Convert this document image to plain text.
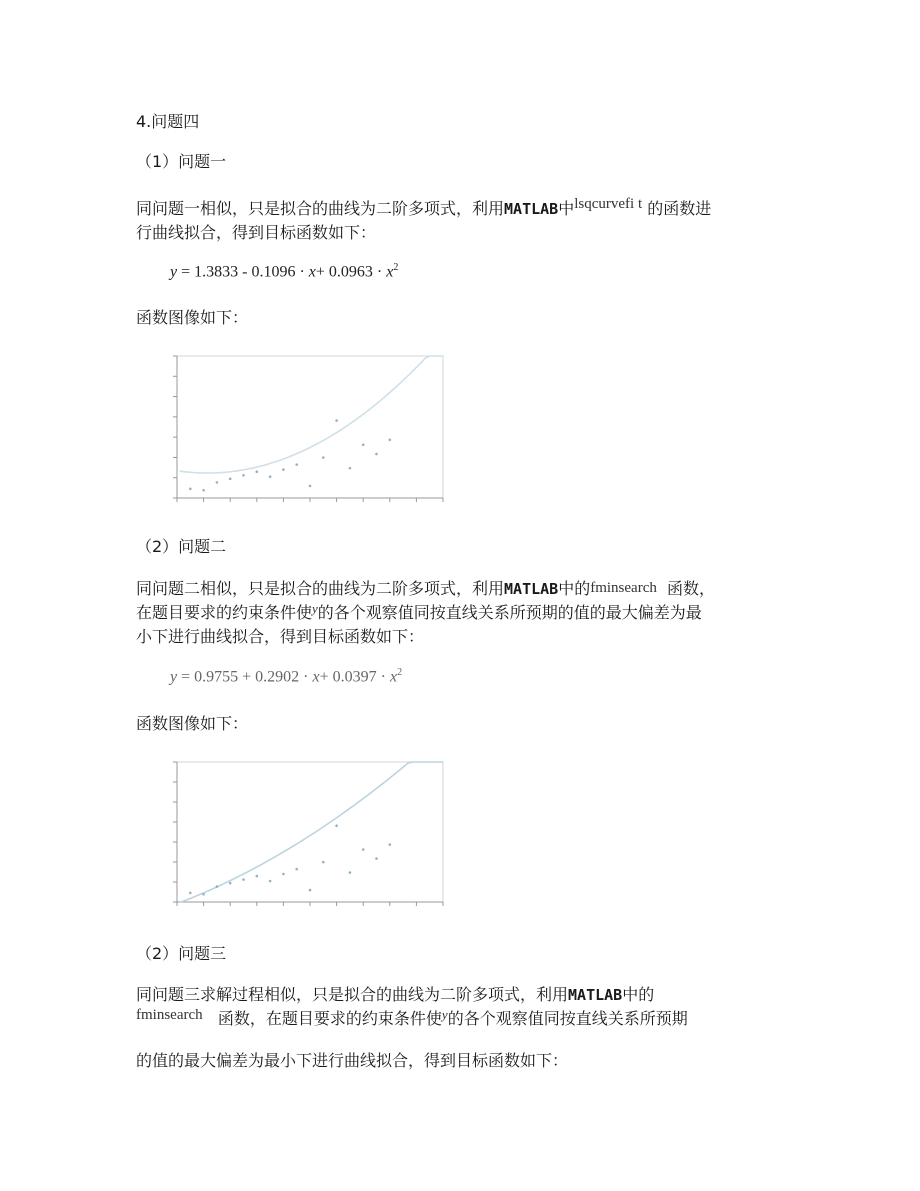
4.问题四
（1）问题一
同问题一相似，只是拟合的曲线为二阶多项式，利用MATLAB中lsqcurvefi t 的函数进
行曲线拟合，得到目标函数如下：
$y = 1.3833 - 0.1096 \cdot x+ 0.0963 \cdot x^2$
函数图像如下：
（2）问题二
同问题二相似，只是拟合的曲线为二阶多项式，利用MATLAB中的fminsearch 函数，
在题目要求的约束条件使$^y$的各个观察值同按直线关系所预期的值的最大偏差为最
小下进行曲线拟合，得到目标函数如下：
$y = 0.9755 + 0.2902 \cdot x+ 0.0397 \cdot x^2$
函数图像如下：
（2）问题三
同问题三求解过程相似，只是拟合的曲线为二阶多项式，利用MATLAB中的
fminsearch 函数，在题目要求的约束条件使$^y$的各个观察值同按直线关系所预期
的值的最大偏差为最小下进行曲线拟合，得到目标函数如下：
